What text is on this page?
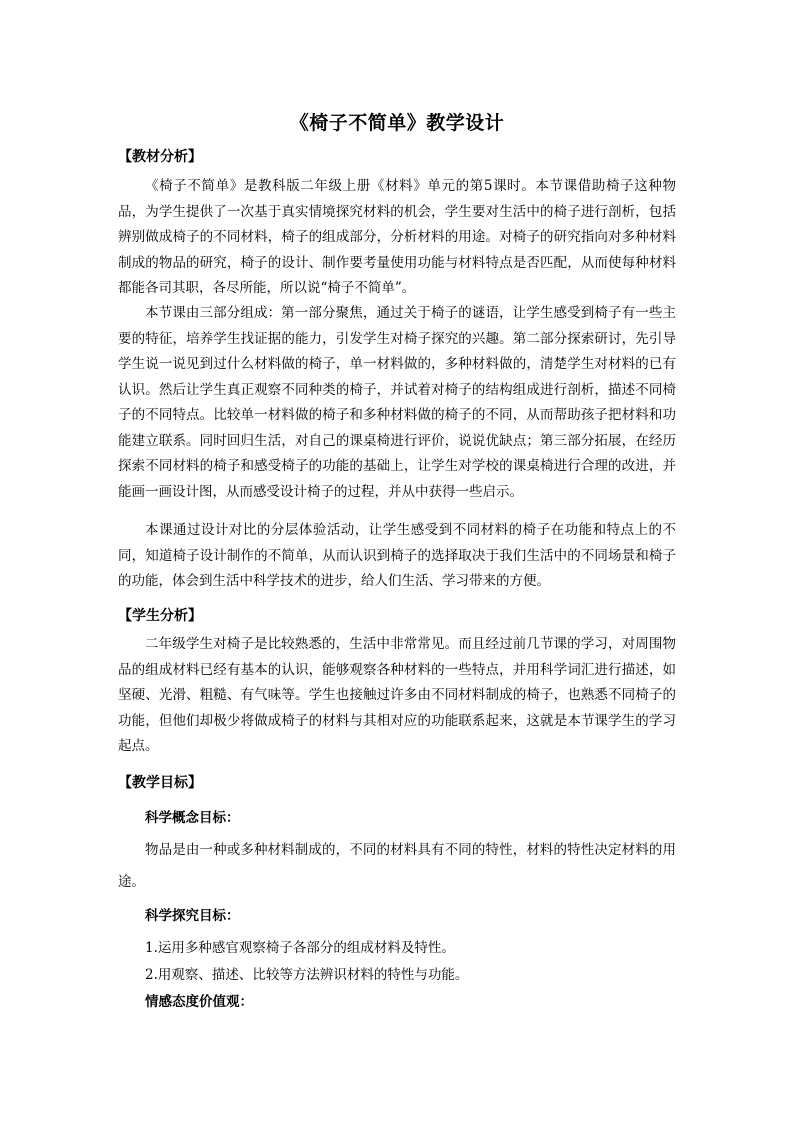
《椅子不简单》教学设计
【教材分析】

《椅子不简单》是教科版二年级上册《材料》单元的第5课时。本节课借助椅子这种物品，为学生提供了一次基于真实情境探究材料的机会，学生要对生活中的椅子进行剖析，包括辨别做成椅子的不同材料，椅子的组成部分，分析材料的用途。对椅子的研究指向对多种材料制成的物品的研究，椅子的设计、制作要考量使用功能与材料特点是否匹配，从而使每种材料都能各司其职，各尽所能，所以说“椅子不简单”。

本节课由三部分组成：第一部分聚焦，通过关于椅子的谜语，让学生感受到椅子有一些主要的特征，培养学生找证据的能力，引发学生对椅子探究的兴趣。第二部分探索研讨，先引导学生说一说见到过什么材料做的椅子，单一材料做的，多种材料做的，清楚学生对材料的已有认识。然后让学生真正观察不同种类的椅子，并试着对椅子的结构组成进行剖析，描述不同椅子的不同特点。比较单一材料做的椅子和多种材料做的椅子的不同，从而帮助孩子把材料和功能建立联系。同时回归生活，对自己的课桌椅进行评价，说说优缺点；第三部分拓展，在经历探索不同材料的椅子和感受椅子的功能的基础上，让学生对学校的课桌椅进行合理的改进，并能画一画设计图，从而感受设计椅子的过程，并从中获得一些启示。

本课通过设计对比的分层体验活动，让学生感受到不同材料的椅子在功能和特点上的不同，知道椅子设计制作的不简单，从而认识到椅子的选择取决于我们生活中的不同场景和椅子的功能，体会到生活中科学技术的进步，给人们生活、学习带来的方便。

【学生分析】

二年级学生对椅子是比较熟悉的，生活中非常常见。而且经过前几节课的学习，对周围物品的组成材料已经有基本的认识，能够观察各种材料的一些特点，并用科学词汇进行描述，如坚硬、光滑、粗糙、有气味等。学生也接触过许多由不同材料制成的椅子，也熟悉不同椅子的功能，但他们却极少将做成椅子的材料与其相对应的功能联系起来，这就是本节课学生的学习起点。

【教学目标】
科学概念目标：

物品是由一种或多种材料制成的，不同的材料具有不同的特性，材料的特性决定材料的用途。

科学探究目标：
1.运用多种感官观察椅子各部分的组成材料及特性。
2.用观察、描述、比较等方法辨识材料的特性与功能。
情感态度价值观：
